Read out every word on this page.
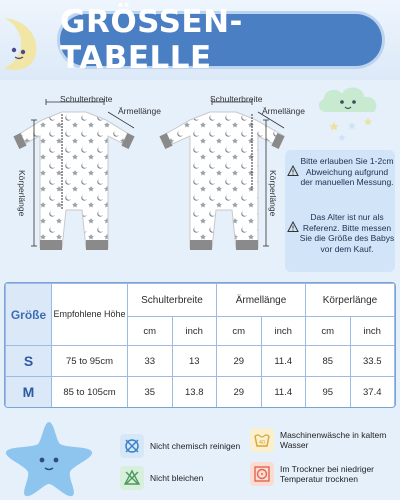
GRÖSSEN-TABELLE
Schulterbreite
Ärmellänge
Körperlänge
Schulterbreite
Ärmellänge
Körperlänge
Bitte erlauben Sie 1-2cm Abweichung aufgrund der manuellen Messung.
Das Alter ist nur als Referenz. Bitte messen Sie die Größe des Babys vor dem Kauf.
Größe	Empfohlene Höhe	Schulterbreite		Ärmellänge		Körperlänge	
		cm	inch	cm	inch	cm	inch
S	75 to 95cm	33	13	29	11.4	85	33.5
M	85 to 105cm	35	13.8	29	11.4	95	37.4
Nicht chemisch reinigen	40
Maschinenwäsche in kaltem Wasser
Nicht bleichen
Im Trockner bei niedriger Temperatur trocknen
